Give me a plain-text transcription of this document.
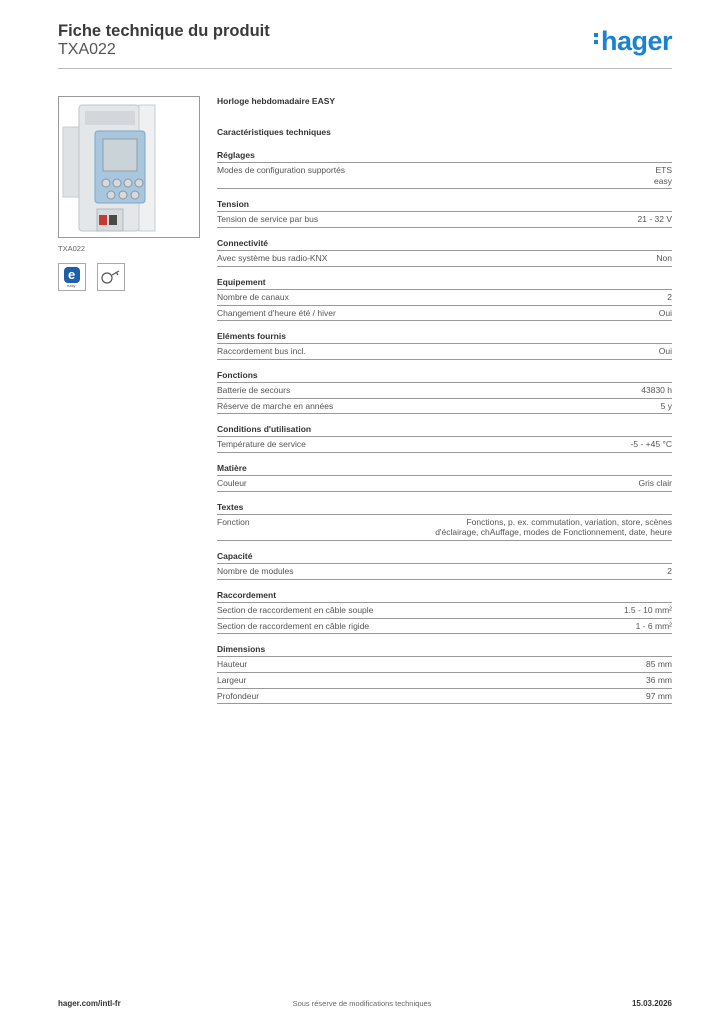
Fiche technique du produit
TXA022	hager
TXA022
e
easy
Horloge hebdomadaire EASY
Caractéristiques techniques
Réglages
Modes de configuration supportés	ETS
easy
Tension
Tension de service par bus	21 - 32 V
Connectivité
Avec système bus radio-KNX	Non
Equipement
Nombre de canaux	2
Changement d'heure été / hiver	Oui
Eléments fournis
Raccordement bus incl.	Oui
Fonctions
Batterie de secours	43830 h
Réserve de marche en années	5 y
Conditions d'utilisation
Température de service	-5 - +45 °C
Matière
Couleur	Gris clair
Textes
Fonction	Fonctions, p. ex. commutation, variation, store, scènes
d'éclairage, chAuffage, modes de Fonctionnement, date, heure
Capacité
Nombre de modules	2
Raccordement
Section de raccordement en câble souple	1.5 - 10 mm²
Section de raccordement en câble rigide	1 - 6 mm²
Dimensions
Hauteur	85 mm
Largeur	36 mm
Profondeur	97 mm
hager.com/intl-fr	Sous réserve de modifications techniques	15.03.2026
